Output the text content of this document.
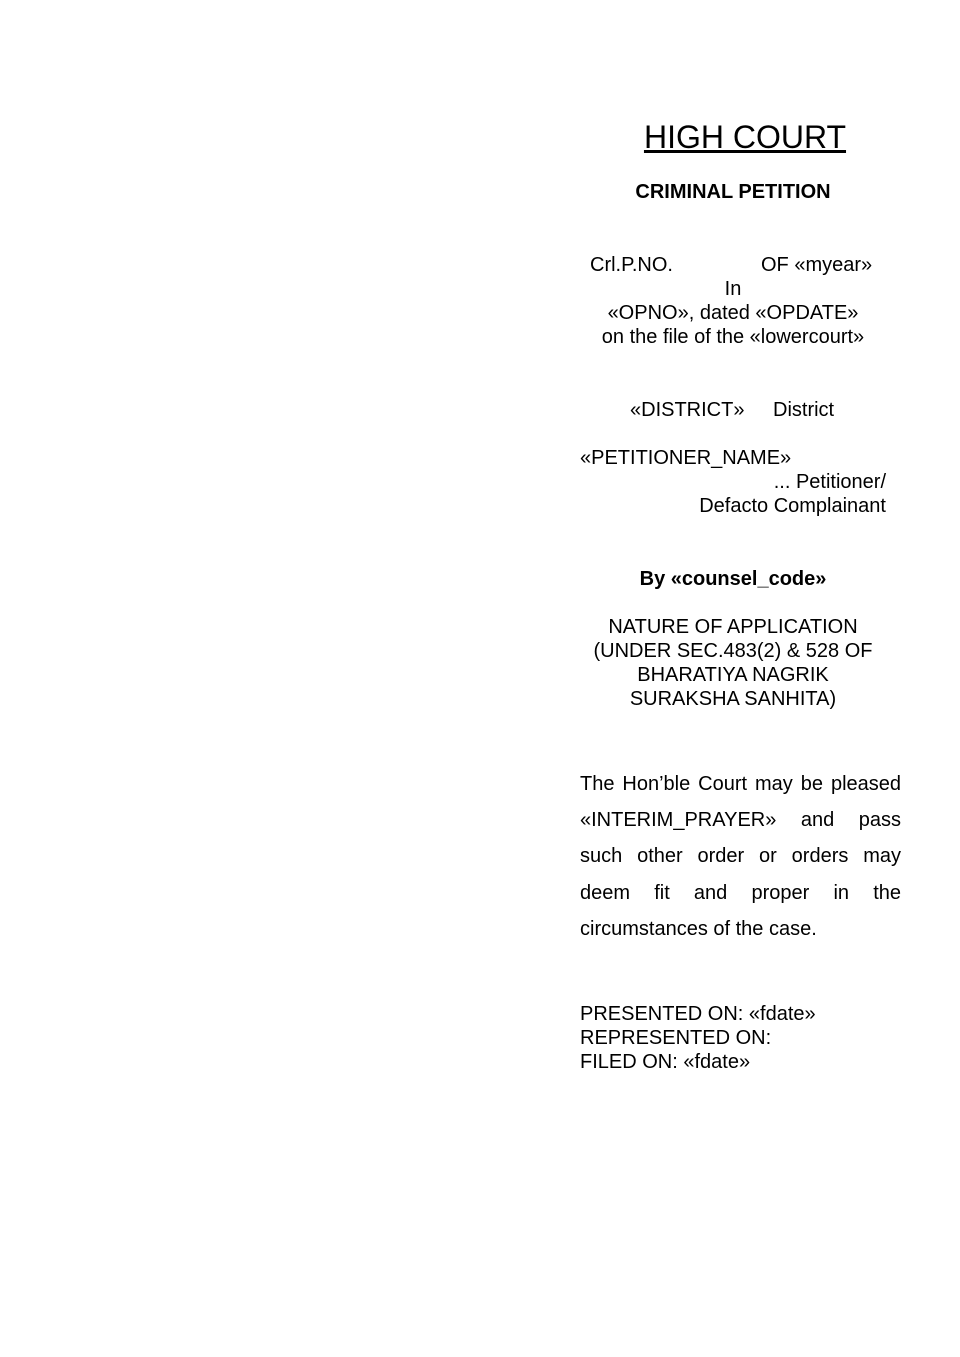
HIGH COURT
CRIMINAL PETITION
Crl.P.NO.	OF «myear»
In
«OPNO», dated «OPDATE»
on the file of the «lowercourt»
«DISTRICT» District
«PETITIONER_NAME»
... Petitioner/
Defacto Complainant
By «counsel_code»
NATURE OF APPLICATION
(UNDER SEC.483(2) & 528 OF
BHARATIYA NAGRIK
SURAKSHA SANHITA)
The Hon’ble Court may be pleased «INTERIM_PRAYER» and pass such other order or orders may deem fit and proper in the circumstances of the case.
PRESENTED ON: «fdate»
REPRESENTED ON:
FILED ON: «fdate»
